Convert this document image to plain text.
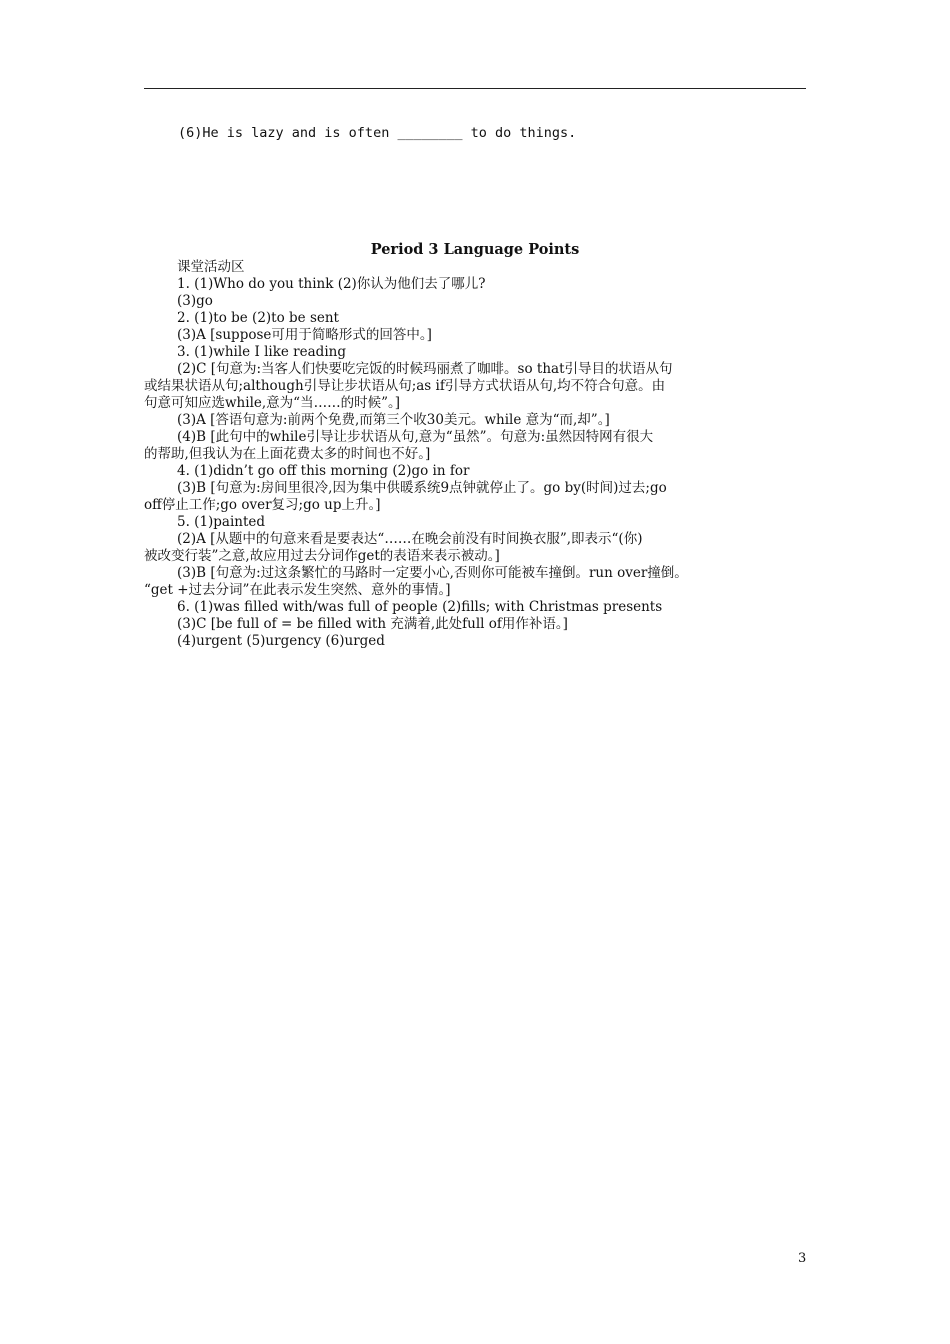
(6)He is lazy and is often ________ to do things.
Period 3 Language Points
课堂活动区
1. (1)Who do you think (2)你认为他们去了哪儿?
(3)go
2. (1)to be (2)to be sent
(3)A [suppose可用于简略形式的回答中。]
3. (1)while I like reading
(2)C [句意为:当客人们快要吃完饭的时候玛丽煮了咖啡。so that引导目的状语从句
或结果状语从句;although引导让步状语从句;as if引导方式状语从句,均不符合句意。由
句意可知应选while,意为“当……的时候”。]
(3)A [答语句意为:前两个免费,而第三个收30美元。while 意为“而,却”。]
(4)B [此句中的while引导让步状语从句,意为“虽然”。句意为:虽然因特网有很大
的帮助,但我认为在上面花费太多的时间也不好。]
4. (1)didn’t go off this morning (2)go in for
(3)B [句意为:房间里很冷,因为集中供暖系统9点钟就停止了。go by(时间)过去;go
off停止工作;go over复习;go up上升。]
5. (1)painted
(2)A [从题中的句意来看是要表达“……在晚会前没有时间换衣服”,即表示“(你)
被改变行装”之意,故应用过去分词作get的表语来表示被动。]
(3)B [句意为:过这条繁忙的马路时一定要小心,否则你可能被车撞倒。run over撞倒。
“get +过去分词”在此表示发生突然、意外的事情。]
6. (1)was filled with/was full of people (2)fills; with Christmas presents
(3)C [be full of = be filled with 充满着,此处full of用作补语。]
(4)urgent (5)urgency (6)urged
3
